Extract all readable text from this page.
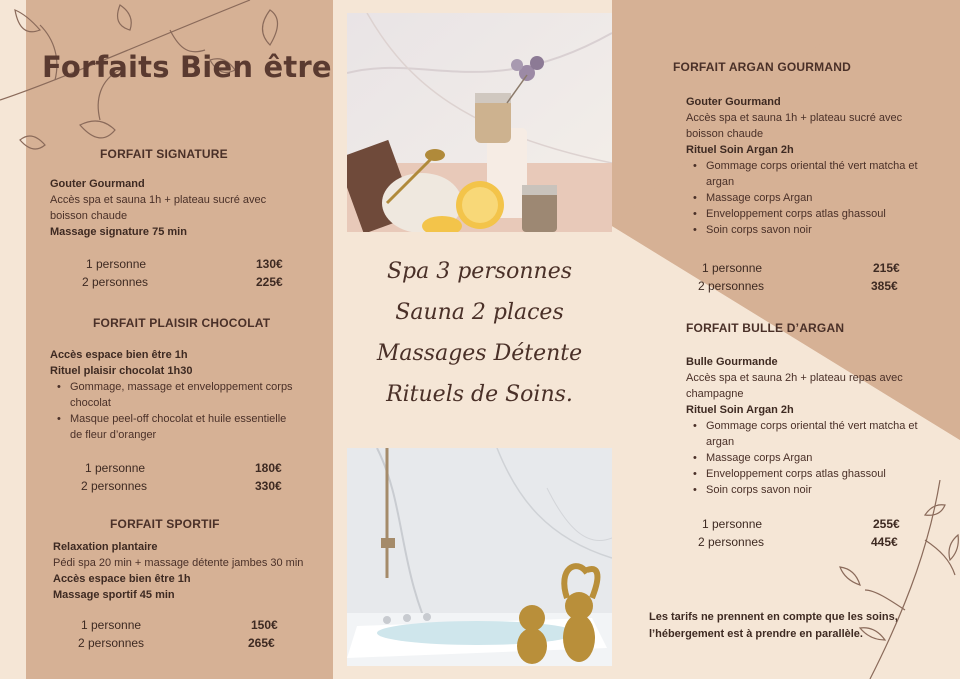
Forfaits Bien être
FORFAIT SIGNATURE
Gouter Gourmand
Accès spa et sauna 1h + plateau sucré avec
boisson chaude
Massage signature 75 min
1 personne	130€
2 personnes	225€
FORFAIT PLAISIR CHOCOLAT
Accès espace bien être 1h
Rituel plaisir chocolat 1h30
• Gommage, massage et enveloppement corps
chocolat
• Masque peel-off chocolat et huile essentielle
de fleur d’oranger
1 personne	180€
2 personnes	330€
FORFAIT SPORTIF
Relaxation plantaire
Pédi spa 20 min + massage détente jambes 30 min
Accès espace bien être 1h
Massage sportif 45 min
1 personne	150€
2 personnes	265€
Spa 3 personnes
Sauna 2 places
Massages Détente
Rituels de Soins.
FORFAIT ARGAN GOURMAND
Gouter Gourmand
Accès spa et sauna 1h + plateau sucré avec
boisson chaude
Rituel Soin Argan 2h
• Gommage corps oriental thé vert matcha et
argan
• Massage corps Argan
• Enveloppement corps atlas ghassoul
• Soin corps savon noir
1 personne	215€
2 personnes	385€
FORFAIT BULLE D’ARGAN
Bulle Gourmande
Accès spa et sauna 2h + plateau repas avec
champagne
Rituel Soin Argan 2h
• Gommage corps oriental thé vert matcha et
argan
• Massage corps Argan
• Enveloppement corps atlas ghassoul
• Soin corps savon noir
1 personne	255€
2 personnes	445€
Les tarifs ne prennent en compte que les soins,
l’hébergement est à prendre en parallèle.
